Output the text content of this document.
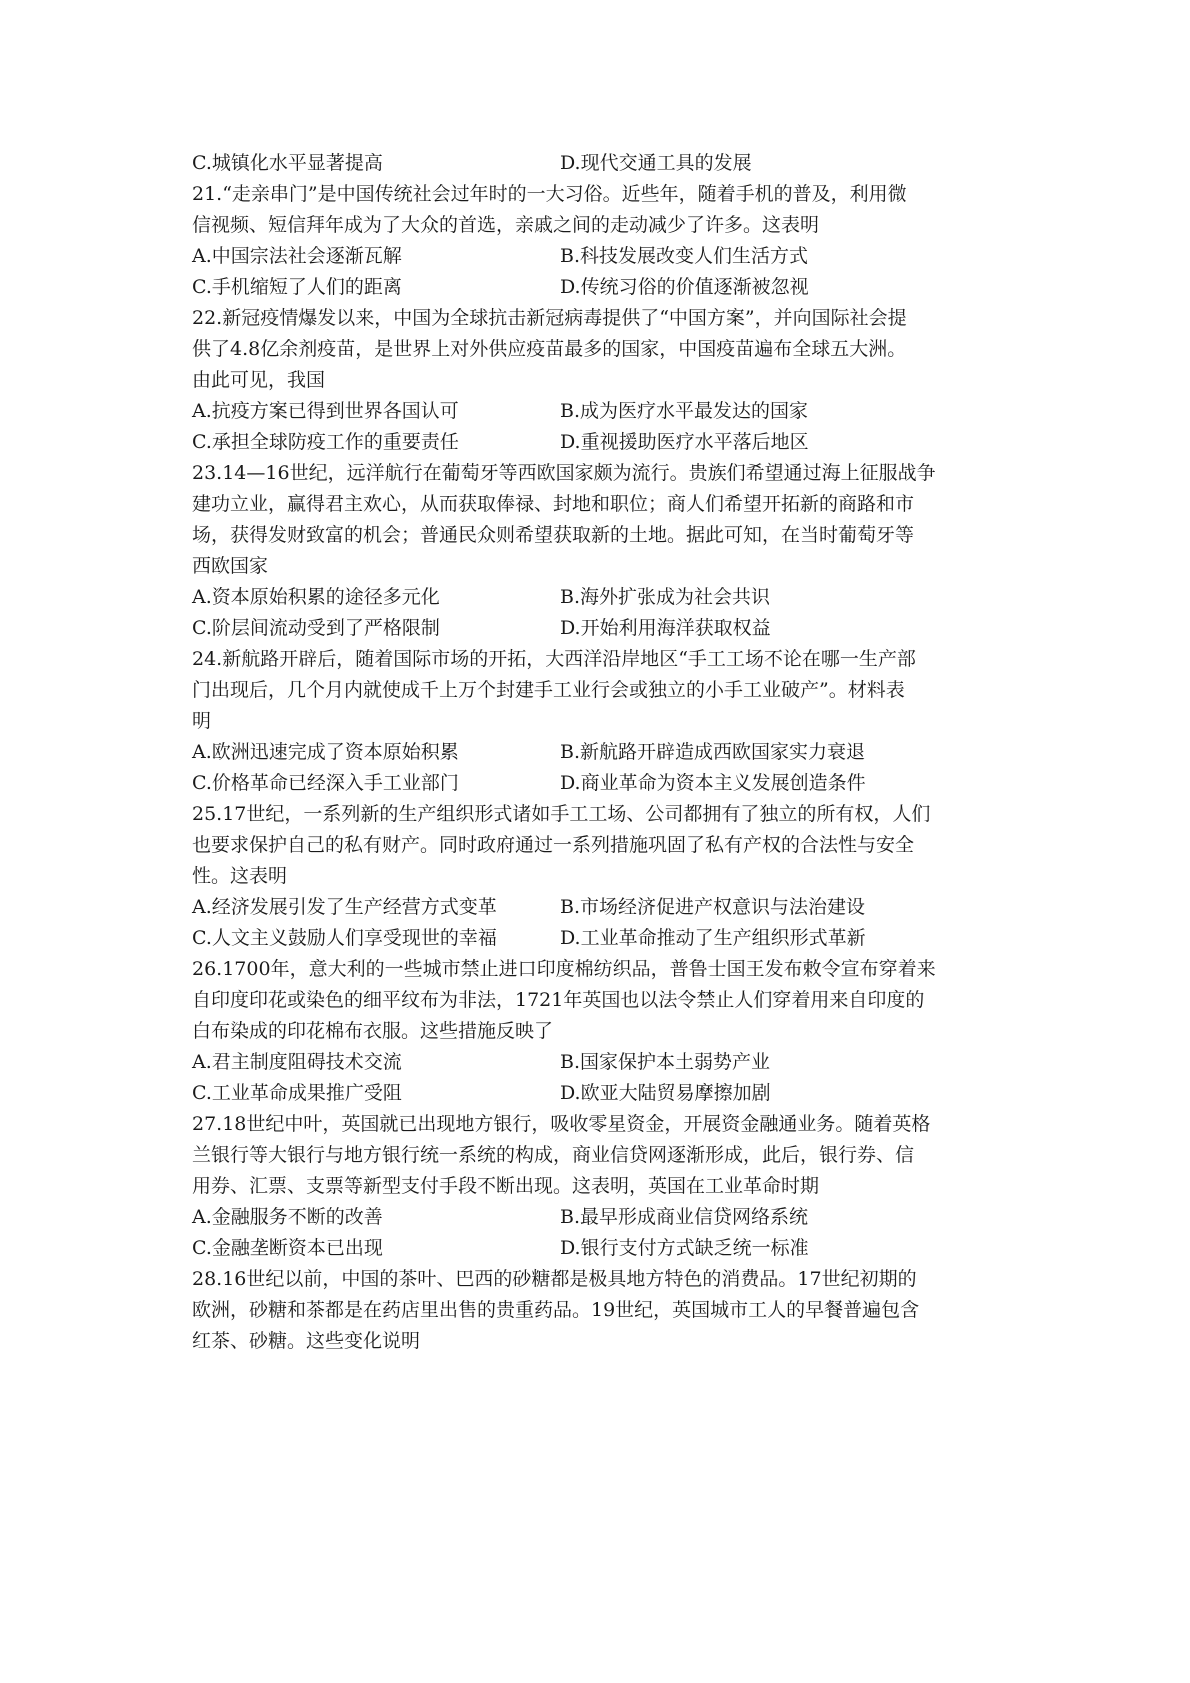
C.城镇化水平显著提高	D.现代交通工具的发展
21.“走亲串门”是中国传统社会过年时的一大习俗。近些年，随着手机的普及，利用微
信视频、短信拜年成为了大众的首选，亲戚之间的走动减少了许多。这表明
A.中国宗法社会逐渐瓦解	B.科技发展改变人们生活方式
C.手机缩短了人们的距离	D.传统习俗的价值逐渐被忽视
22.新冠疫情爆发以来，中国为全球抗击新冠病毒提供了“中国方案”，并向国际社会提
供了4.8亿余剂疫苗，是世界上对外供应疫苗最多的国家，中国疫苗遍布全球五大洲。
由此可见，我国
A.抗疫方案已得到世界各国认可	B.成为医疗水平最发达的国家
C.承担全球防疫工作的重要责任	D.重视援助医疗水平落后地区
23.14—16世纪，远洋航行在葡萄牙等西欧国家颇为流行。贵族们希望通过海上征服战争
建功立业，赢得君主欢心，从而获取俸禄、封地和职位；商人们希望开拓新的商路和市
场，获得发财致富的机会；普通民众则希望获取新的土地。据此可知，在当时葡萄牙等
西欧国家
A.资本原始积累的途径多元化	B.海外扩张成为社会共识
C.阶层间流动受到了严格限制	D.开始利用海洋获取权益
24.新航路开辟后，随着国际市场的开拓，大西洋沿岸地区“手工工场不论在哪一生产部
门出现后，几个月内就使成千上万个封建手工业行会或独立的小手工业破产”。材料表
明
A.欧洲迅速完成了资本原始积累	B.新航路开辟造成西欧国家实力衰退
C.价格革命已经深入手工业部门	D.商业革命为资本主义发展创造条件
25.17世纪，一系列新的生产组织形式诸如手工工场、公司都拥有了独立的所有权，人们
也要求保护自己的私有财产。同时政府通过一系列措施巩固了私有产权的合法性与安全
性。这表明
A.经济发展引发了生产经营方式变革	B.市场经济促进产权意识与法治建设
C.人文主义鼓励人们享受现世的幸福	D.工业革命推动了生产组织形式革新
26.1700年，意大利的一些城市禁止进口印度棉纺织品，普鲁士国王发布敕令宣布穿着来
自印度印花或染色的细平纹布为非法，1721年英国也以法令禁止人们穿着用来自印度的
白布染成的印花棉布衣服。这些措施反映了
A.君主制度阻碍技术交流	B.国家保护本土弱势产业
C.工业革命成果推广受阻	D.欧亚大陆贸易摩擦加剧
27.18世纪中叶，英国就已出现地方银行，吸收零星资金，开展资金融通业务。随着英格
兰银行等大银行与地方银行统一系统的构成，商业信贷网逐渐形成，此后，银行券、信
用券、汇票、支票等新型支付手段不断出现。这表明，英国在工业革命时期
A.金融服务不断的改善	B.最早形成商业信贷网络系统
C.金融垄断资本已出现	D.银行支付方式缺乏统一标准
28.16世纪以前，中国的茶叶、巴西的砂糖都是极具地方特色的消费品。17世纪初期的
欧洲，砂糖和茶都是在药店里出售的贵重药品。19世纪，英国城市工人的早餐普遍包含
红茶、砂糖。这些变化说明
